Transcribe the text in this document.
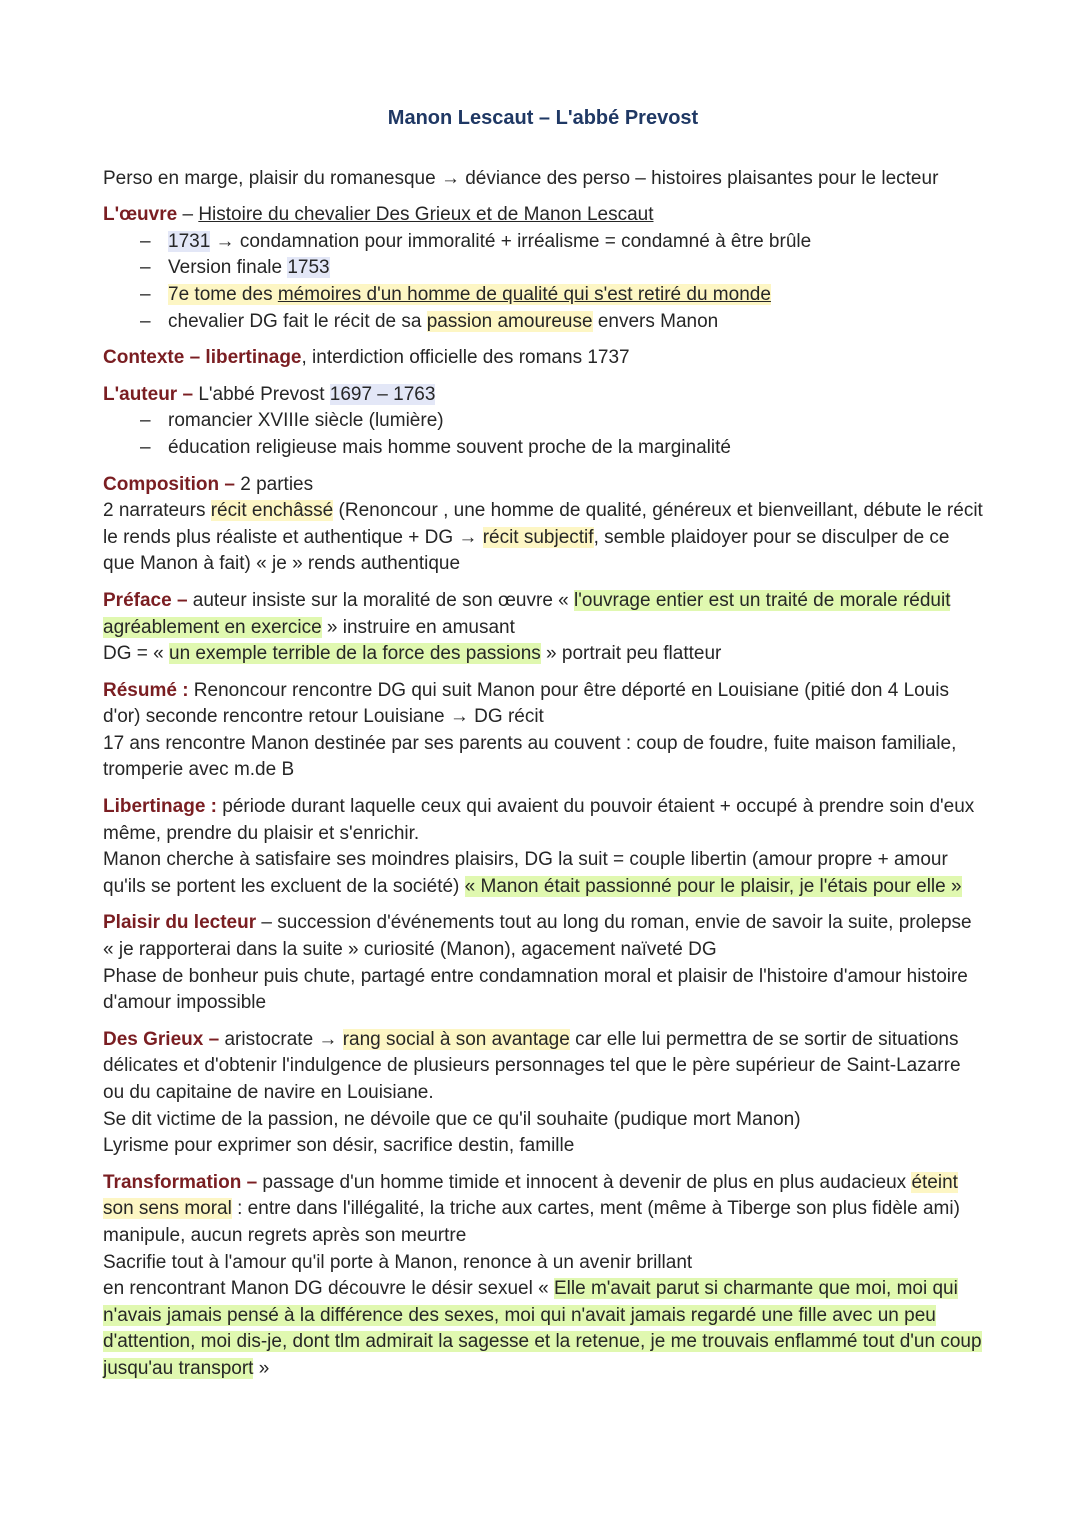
Manon Lescaut – L'abbé Prevost

Perso en marge, plaisir du romanesque → déviance des perso – histoires plaisantes pour le lecteur

L'œuvre – Histoire du chevalier Des Grieux et de Manon Lescaut

– 1731 → condamnation pour immoralité + irréalisme = condamné à être brûle
– Version finale 1753
– 7e tome des mémoires d'un homme de qualité qui s'est retiré du monde
– chevalier DG fait le récit de sa passion amoureuse envers Manon

Contexte – libertinage, interdiction officielle des romans 1737

L'auteur – L'abbé Prevost 1697 – 1763

– romancier XVIIIe siècle (lumière)
– éducation religieuse mais homme souvent proche de la marginalité

Composition – 2 parties

2 narrateurs récit enchâssé (Renoncour , une homme de qualité, généreux et bienveillant, débute le récit le rends plus réaliste et authentique + DG → récit subjectif, semble plaidoyer pour se disculper de ce que Manon à fait) « je » rends authentique

Préface – auteur insiste sur la moralité de son œuvre « l'ouvrage entier est un traité de morale réduit agréablement en exercice » instruire en amusant

DG = « un exemple terrible de la force des passions » portrait peu flatteur

Résumé : Renoncour rencontre DG qui suit Manon pour être déporté en Louisiane (pitié don 4 Louis d'or) seconde rencontre retour Louisiane → DG récit

17 ans rencontre Manon destinée par ses parents au couvent : coup de foudre, fuite maison familiale, tromperie avec m.de B

Libertinage : période durant laquelle ceux qui avaient du pouvoir étaient + occupé à prendre soin d'eux même, prendre du plaisir et s'enrichir.

Manon cherche à satisfaire ses moindres plaisirs, DG la suit = couple libertin (amour propre + amour qu'ils se portent les excluent de la société) « Manon était passionné pour le plaisir, je l'étais pour elle »

Plaisir du lecteur – succession d'événements tout au long du roman, envie de savoir la suite, prolepse « je rapporterai dans la suite » curiosité (Manon), agacement naïveté DG

Phase de bonheur puis chute, partagé entre condamnation moral et plaisir de l'histoire d'amour histoire d'amour impossible

Des Grieux – aristocrate → rang social à son avantage car elle lui permettra de se sortir de situations délicates et d'obtenir l'indulgence de plusieurs personnages tel que le père supérieur de Saint-Lazarre ou du capitaine de navire en Louisiane.

Se dit victime de la passion, ne dévoile que ce qu'il souhaite (pudique mort Manon)

Lyrisme pour exprimer son désir, sacrifice destin, famille

Transformation – passage d'un homme timide et innocent à devenir de plus en plus audacieux éteint son sens moral : entre dans l'illégalité, la triche aux cartes, ment (même à Tiberge son plus fidèle ami) manipule, aucun regrets après son meurtre

Sacrifie tout à l'amour qu'il porte à Manon, renonce à un avenir brillant

en rencontrant Manon DG découvre le désir sexuel « Elle m'avait parut si charmante que moi, moi qui n'avais jamais pensé à la différence des sexes, moi qui n'avait jamais regardé une fille avec un peu d'attention, moi dis-je, dont tlm admirait la sagesse et la retenue, je me trouvais enflammé tout d'un coup jusqu'au transport »
